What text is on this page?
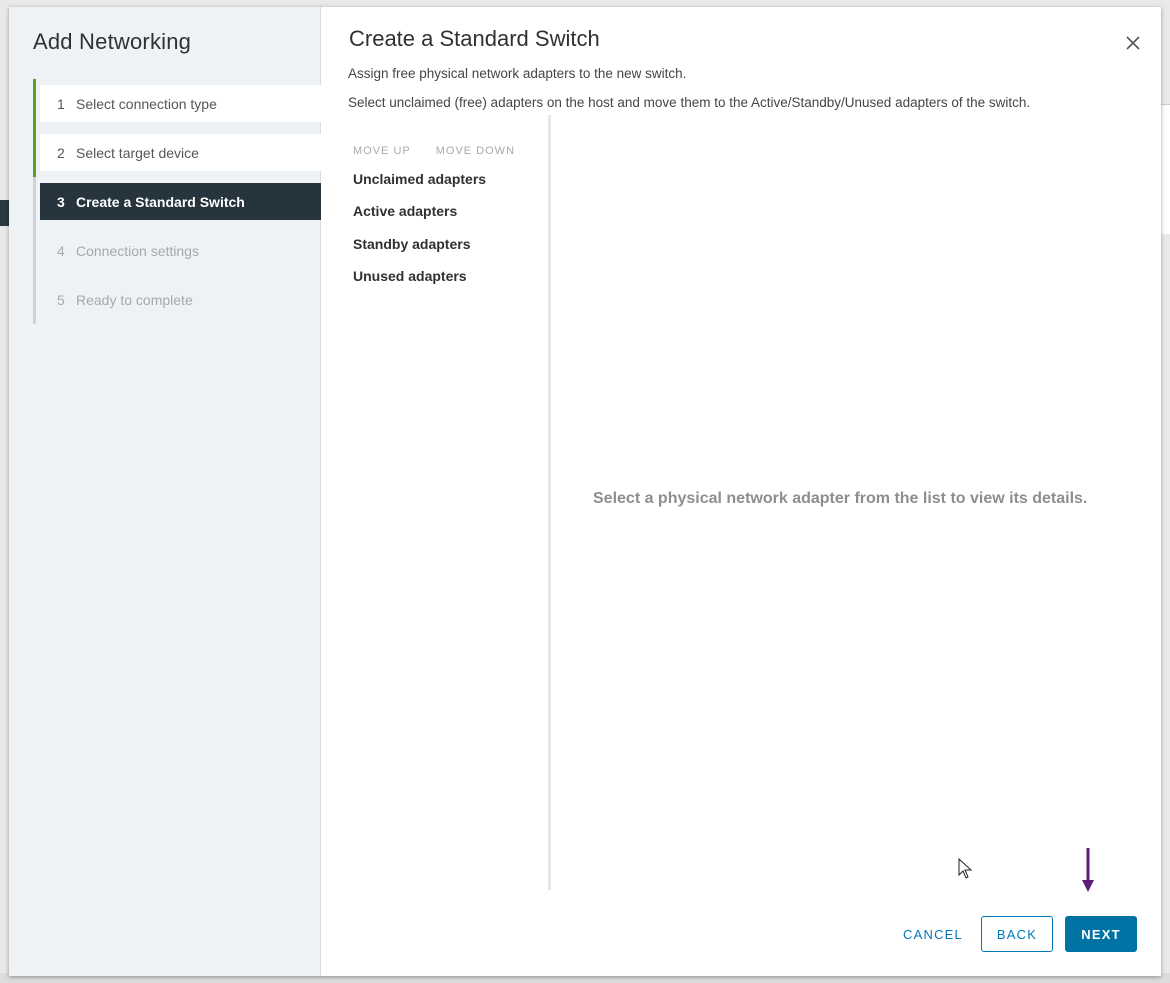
Add Networking
1 Select connection type
2 Select target device
3 Create a Standard Switch
4 Connection settings
5 Ready to complete
Create a Standard Switch

Assign free physical network adapters to the new switch.

Select unclaimed (free) adapters on the host and move them to the Active/Standby/Unused adapters of the switch.

MOVE UP MOVE DOWN
Unclaimed adapters
Active adapters
Standby adapters
Unused adapters
Select a physical network adapter from the list to view its details.
CANCEL	BACK	NEXT
